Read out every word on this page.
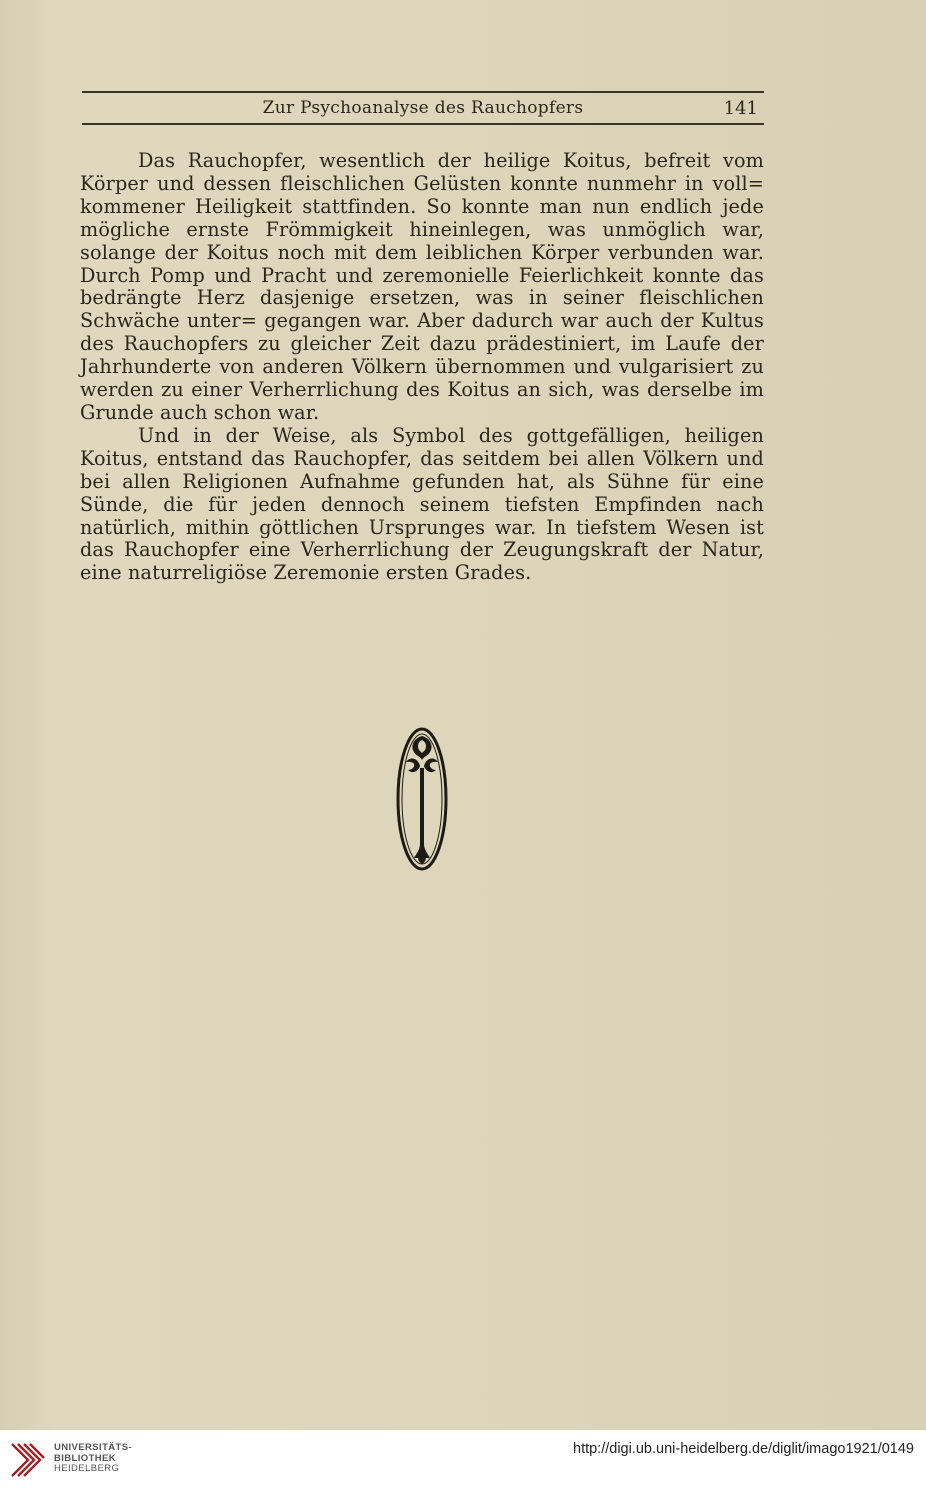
Zur Psychoanalyse des Rauchopfers	141

Das Rauchopfer, wesentlich der heilige Koitus, befreit vom Körper und dessen fleischlichen Gelüsten konnte nunmehr in voll= kommener Heiligkeit stattfinden. So konnte man nun endlich jede mögliche ernste Frömmigkeit hineinlegen, was unmöglich war, solange der Koitus noch mit dem leiblichen Körper verbunden war. Durch Pomp und Pracht und zeremonielle Feierlichkeit konnte das bedrängte Herz dasjenige ersetzen, was in seiner fleischlichen Schwäche unter= gegangen war. Aber dadurch war auch der Kultus des Rauchopfers zu gleicher Zeit dazu prädestiniert, im Laufe der Jahrhunderte von anderen Völkern übernommen und vulgarisiert zu werden zu einer Verherrlichung des Koitus an sich, was derselbe im Grunde auch schon war.

Und in der Weise, als Symbol des gottgefälligen, heiligen Koitus, entstand das Rauchopfer, das seitdem bei allen Völkern und bei allen Religionen Aufnahme gefunden hat, als Sühne für eine Sünde, die für jeden dennoch seinem tiefsten Empfinden nach natürlich, mithin göttlichen Ursprunges war. In tiefstem Wesen ist das Rauchopfer eine Verherrlichung der Zeugungskraft der Natur, eine naturreligiöse Zeremonie ersten Grades.

UNIVERSITÄTS-
BIBLIOTHEK
HEIDELBERG
http://digi.ub.uni-heidelberg.de/diglit/imago1921/0149
